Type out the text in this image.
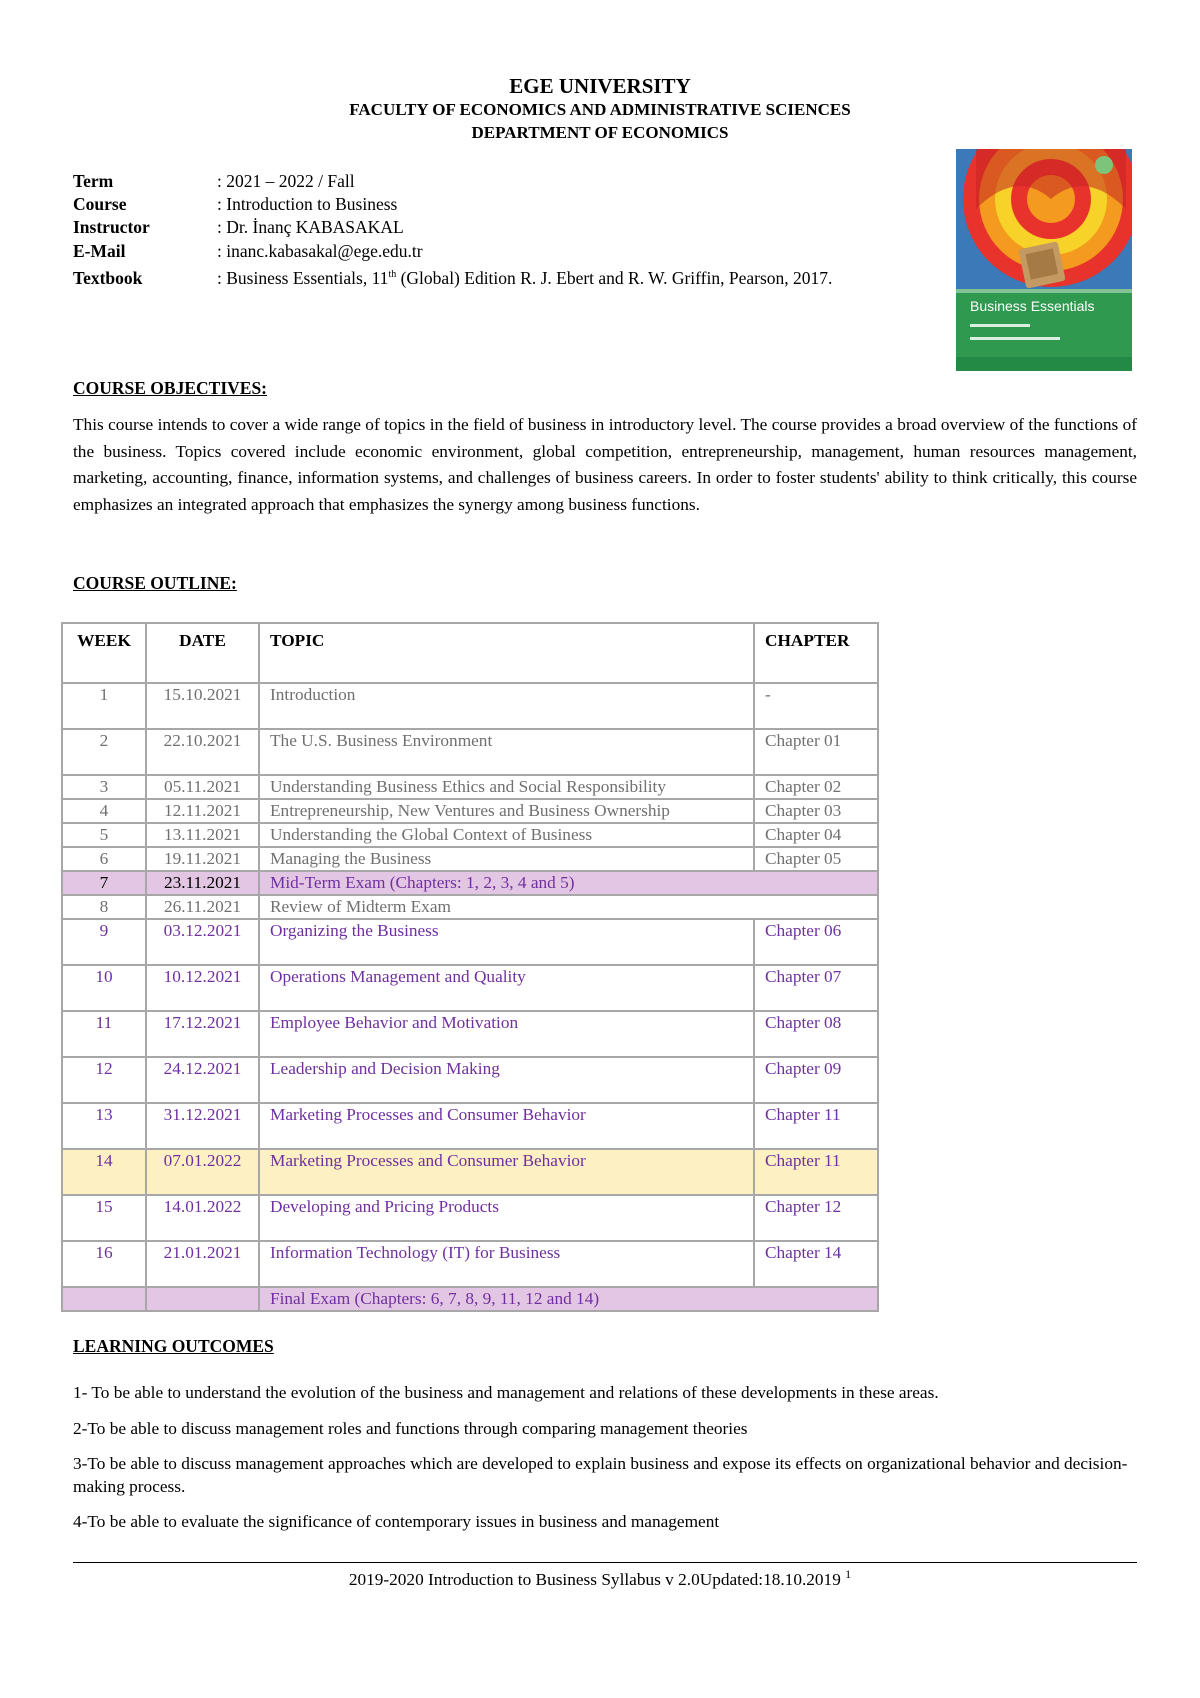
EGE UNIVERSITY
FACULTY OF ECONOMICS AND ADMINISTRATIVE SCIENCES
DEPARTMENT OF ECONOMICS
Term	: 2021 – 2022 / Fall
Course	: Introduction to Business
Instructor	: Dr. İnanç KABASAKAL
E-Mail	: inanc.kabasakal@ege.edu.tr
Textbook	: Business Essentials, 11th (Global) Edition R. J. Ebert and R. W. Griffin, Pearson, 2017.
Business Essentials
COURSE OBJECTIVES:
This course intends to cover a wide range of topics in the field of business in introductory level. The course provides a broad overview of the functions of the business. Topics covered include economic environment, global competition, entrepreneurship, management, human resources management, marketing, accounting, finance, information systems, and challenges of business careers. In order to foster students' ability to think critically, this course emphasizes an integrated approach that emphasizes the synergy among business functions.
COURSE OUTLINE:
WEEK	DATE	TOPIC	CHAPTER
1	15.10.2021	Introduction	-
2	22.10.2021	The U.S. Business Environment	Chapter 01
3	05.11.2021	Understanding Business Ethics and Social Responsibility	Chapter 02
4	12.11.2021	Entrepreneurship, New Ventures and Business Ownership	Chapter 03
5	13.11.2021	Understanding the Global Context of Business	Chapter 04
6	19.11.2021	Managing the Business	Chapter 05
7	23.11.2021	Mid-Term Exam (Chapters: 1, 2, 3, 4 and 5)	
8	26.11.2021	Review of Midterm Exam	
9	03.12.2021	Organizing the Business	Chapter 06
10	10.12.2021	Operations Management and Quality	Chapter 07
11	17.12.2021	Employee Behavior and Motivation	Chapter 08
12	24.12.2021	Leadership and Decision Making	Chapter 09
13	31.12.2021	Marketing Processes and Consumer Behavior	Chapter 11
14	07.01.2022	Marketing Processes and Consumer Behavior	Chapter 11
15	14.01.2022	Developing and Pricing Products	Chapter 12
16	21.01.2021	Information Technology (IT) for Business	Chapter 14
		Final Exam (Chapters: 6, 7, 8, 9, 11, 12 and 14)	
LEARNING OUTCOMES
1- To be able to understand the evolution of the business and management and relations of these developments in these areas.
2-To be able to discuss management roles and functions through comparing management theories
3-To be able to discuss management approaches which are developed to explain business and expose its effects on organizational behavior and decision-making process.
4-To be able to evaluate the significance of contemporary issues in business and management
2019-2020 Introduction to Business Syllabus v 2.0Updated:18.10.2019 $^1$
